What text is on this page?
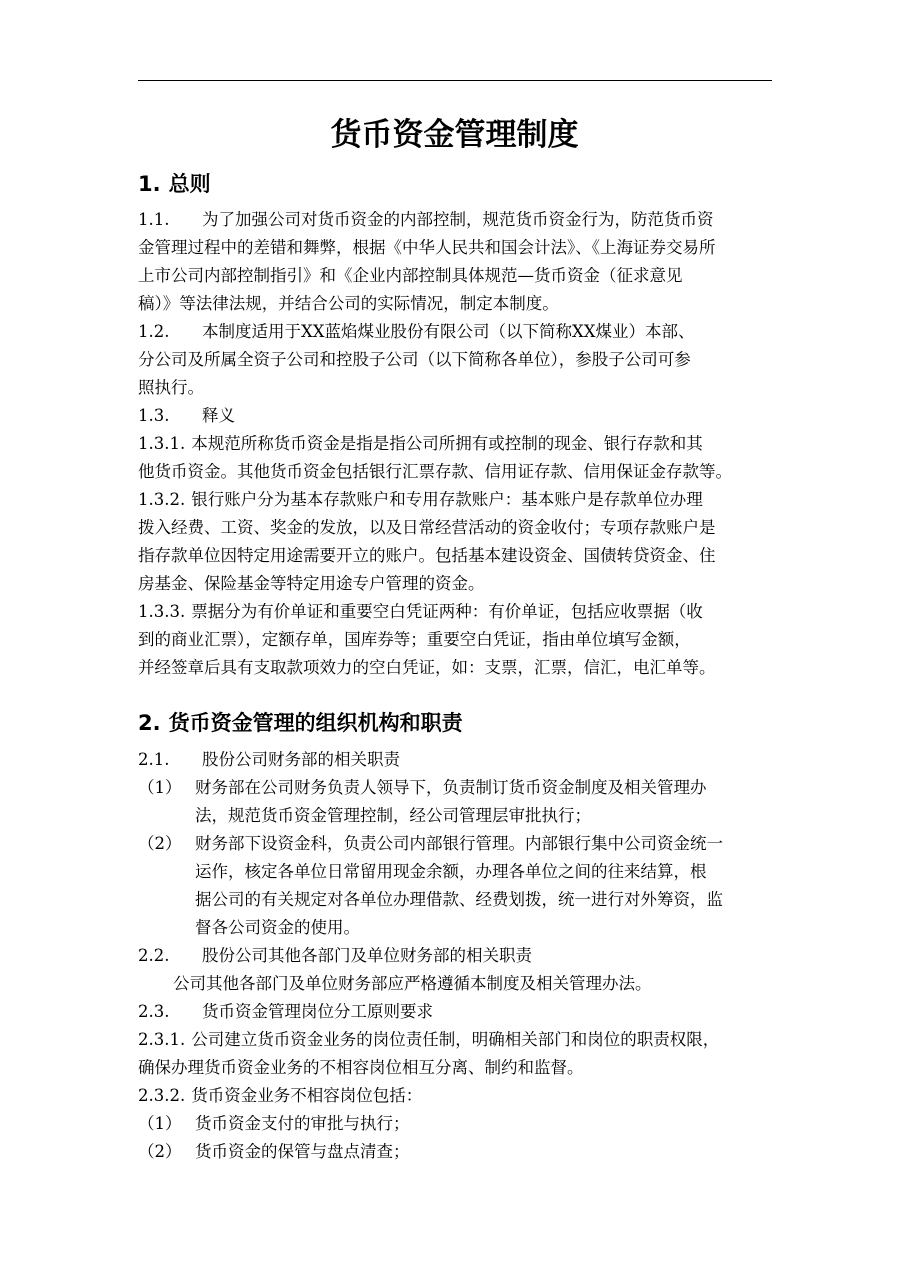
货币资金管理制度
1. 总则

1.1. 为了加强公司对货币资金的内部控制，规范货币资金行为，防范货币资

金管理过程中的差错和舞弊，根据《中华人民共和国会计法》、《上海证券交易所

上市公司内部控制指引》和《企业内部控制具体规范—货币资金（征求意见

稿）》等法律法规，并结合公司的实际情况，制定本制度。

1.2. 本制度适用于XX蓝焰煤业股份有限公司（以下简称XX煤业）本部、

分公司及所属全资子公司和控股子公司（以下简称各单位），参股子公司可参

照执行。

1.3. 释义

1.3.1. 本规范所称货币资金是指是指公司所拥有或控制的现金、银行存款和其

他货币资金。其他货币资金包括银行汇票存款、信用证存款、信用保证金存款等。

1.3.2. 银行账户分为基本存款账户和专用存款账户：基本账户是存款单位办理

拨入经费、工资、奖金的发放，以及日常经营活动的资金收付；专项存款账户是

指存款单位因特定用途需要开立的账户。包括基本建设资金、国债转贷资金、住

房基金、保险基金等特定用途专户管理的资金。

1.3.3. 票据分为有价单证和重要空白凭证两种：有价单证，包括应收票据（收

到的商业汇票），定额存单，国库券等；重要空白凭证，指由单位填写金额，

并经签章后具有支取款项效力的空白凭证，如：支票，汇票，信汇，电汇单等。

2. 货币资金管理的组织机构和职责

2.1. 股份公司财务部的相关职责

（1） 财务部在公司财务负责人领导下，负责制订货币资金制度及相关管理办

法，规范货币资金管理控制，经公司管理层审批执行；

（2） 财务部下设资金科，负责公司内部银行管理。内部银行集中公司资金统一

运作，核定各单位日常留用现金余额，办理各单位之间的往来结算，根

据公司的有关规定对各单位办理借款、经费划拨，统一进行对外筹资，监

督各公司资金的使用。

2.2. 股份公司其他各部门及单位财务部的相关职责

公司其他各部门及单位财务部应严格遵循本制度及相关管理办法。

2.3. 货币资金管理岗位分工原则要求

2.3.1. 公司建立货币资金业务的岗位责任制，明确相关部门和岗位的职责权限，

确保办理货币资金业务的不相容岗位相互分离、制约和监督。

2.3.2. 货币资金业务不相容岗位包括：

（1） 货币资金支付的审批与执行；

（2） 货币资金的保管与盘点清查；
